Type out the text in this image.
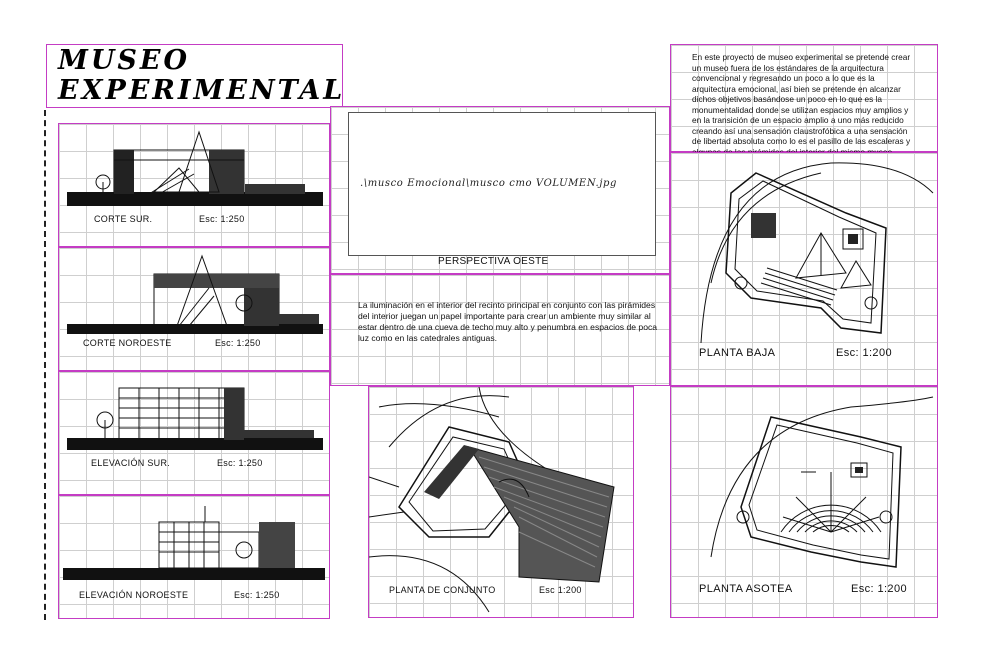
MUSEO
EXPERIMENTAL
CORTE SUR.	Esc: 1:250
CORTE NOROESTE	Esc: 1:250
ELEVACIÓN SUR.	Esc: 1:250
ELEVACIÓN NOROESTE	Esc: 1:250
.\musco Emocional\musco cmo VOLUMEN.jpg
PERSPECTIVA OESTE
La iluminación en el interior del recinto principal en conjunto con las pirámides del interior juegan un papel importante para crear un ambiente muy similar al estar dentro de una cueva de techo muy alto y penumbra en espacios de poca luz como en las catedrales antiguas.
En este proyecto de museo experimental se pretende crear un museo fuera de los estándares de la arquitectura convencional y regresando un poco a lo que es la arquitectura emocional, así bien se pretende en alcanzar dichos objetivos basándose un poco en lo que es la monumentalidad donde se utilizan espacios muy amplios y en la transición de un espacio amplio a uno más reducido creando así una sensación claustrofóbica a una sensación de libertad absoluta como lo es el pasillo de las escaleras y
PLANTA BAJA	Esc: 1:200
PLANTA DE CONJUNTO	Esc 1:200	PLANTA ASOTEA	Esc: 1:200
